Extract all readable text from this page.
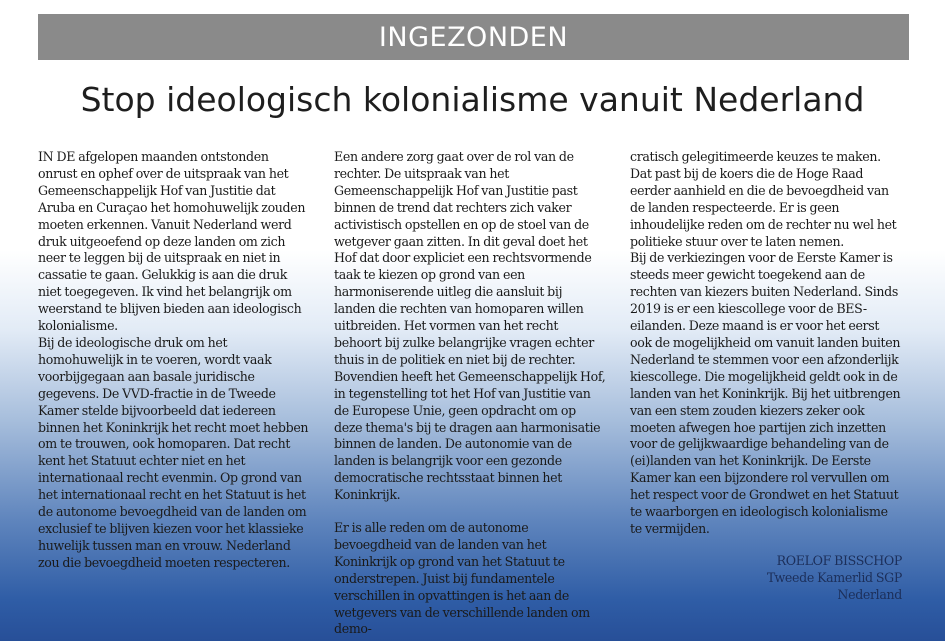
INGEZONDEN
Stop ideologisch kolonialisme vanuit Nederland

IN DE afgelopen maanden ontstonden onrust en ophef over de uitspraak van het Gemeenschappelijk Hof van Justitie dat Aruba en Curaçao het homohuwelijk zouden moeten erkennen. Vanuit Nederland werd druk uitgeoefend op deze landen om zich neer te leggen bij de uitspraak en niet in cassatie te gaan. Gelukkig is aan die druk niet toegegeven. Ik vind het belangrijk om weerstand te blijven bieden aan ideologisch kolonialisme.

Bij de ideologische druk om het homohuwelijk in te voeren, wordt vaak voorbijgegaan aan basale juridische gegevens. De VVD-fractie in de Tweede Kamer stelde bijvoorbeeld dat iedereen binnen het Koninkrijk het recht moet hebben om te trouwen, ook homoparen. Dat recht kent het Statuut echter niet en het internationaal recht evenmin. Op grond van het internationaal recht en het Statuut is het de autonome bevoegdheid van de landen om exclusief te blijven kiezen voor het klassieke huwelijk tussen man en vrouw. Nederland zou die bevoegdheid moeten respecteren.

Een andere zorg gaat over de rol van de rechter. De uitspraak van het Gemeenschappelijk Hof van Justitie past binnen de trend dat rechters zich vaker activistisch opstellen en op de stoel van de wetgever gaan zitten. In dit geval doet het Hof dat door expliciet een rechtsvormende taak te kiezen op grond van een harmoniserende uitleg die aansluit bij landen die rechten van homoparen willen uitbreiden. Het vormen van het recht behoort bij zulke belangrijke vragen echter thuis in de politiek en niet bij de rechter. Bovendien heeft het Gemeenschappelijk Hof, in tegenstelling tot het Hof van Justitie van de Europese Unie, geen opdracht om op deze thema's bij te dragen aan harmonisatie binnen de landen. De autonomie van de landen is belangrijk voor een gezonde democratische rechtsstaat binnen het Koninkrijk.

Er is alle reden om de autonome bevoegdheid van de landen van het Koninkrijk op grond van het Statuut te onderstrepen. Juist bij fundamentele verschillen in opvattingen is het aan de wetgevers van de verschillende landen om demo-

cratisch gelegitimeerde keuzes te maken. Dat past bij de koers die de Hoge Raad eerder aanhield en die de bevoegdheid van de landen respecteerde. Er is geen inhoudelijke reden om de rechter nu wel het politieke stuur over te laten nemen.

Bij de verkiezingen voor de Eerste Kamer is steeds meer gewicht toegekend aan de rechten van kiezers buiten Nederland. Sinds 2019 is er een kiescollege voor de BES-eilanden. Deze maand is er voor het eerst ook de mogelijkheid om vanuit landen buiten Nederland te stemmen voor een afzonderlijk kiescollege. Die mogelijkheid geldt ook in de landen van het Koninkrijk. Bij het uitbrengen van een stem zouden kiezers zeker ook moeten afwegen hoe partijen zich inzetten voor de gelijkwaardige behandeling van de (ei)landen van het Koninkrijk. De Eerste Kamer kan een bijzondere rol vervullen om het respect voor de Grondwet en het Statuut te waarborgen en ideologisch kolonialisme te vermijden.

ROELOF BISSCHOP
Tweede Kamerlid SGP
Nederland
